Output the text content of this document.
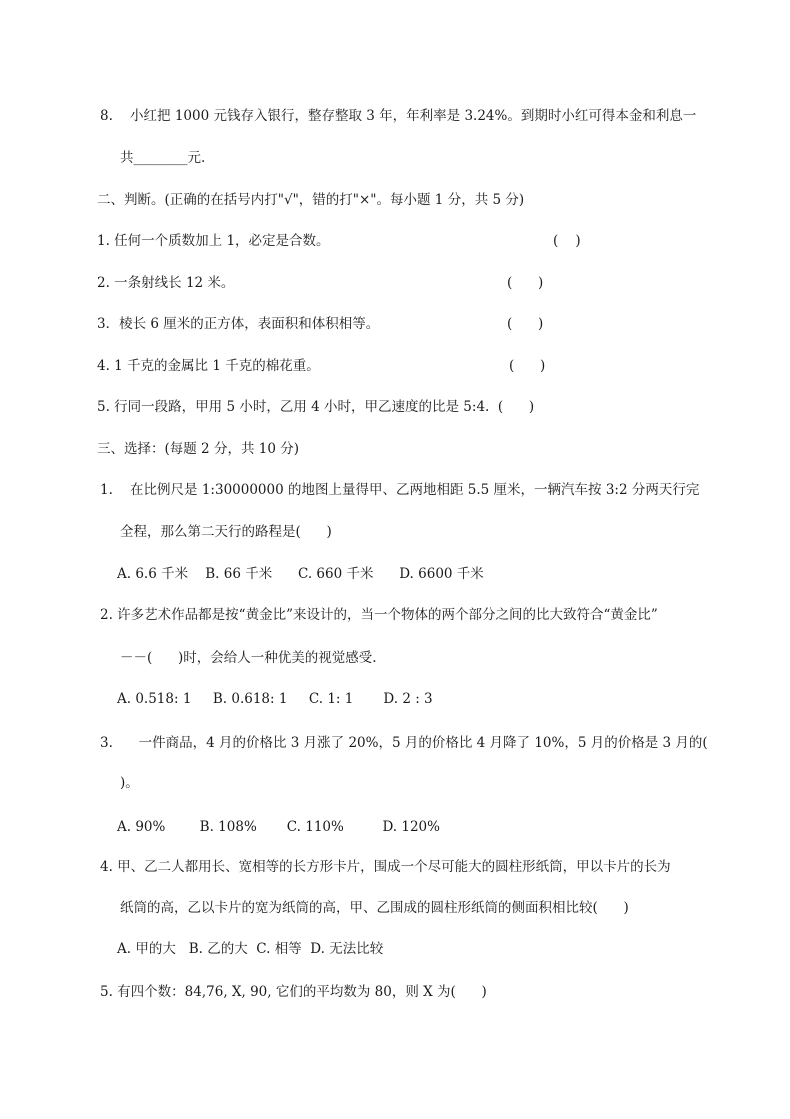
8.    小红把 1000 元钱存入银行，整存整取 3 年，年利率是 3.24%。到期时小红可得本金和利息一
共________元.
二、判断。(正确的在括号内打"√"，错的打"×"。每小题 1 分，共 5 分)
1. 任何一个质数加上 1，必定是合数。	(    )
2. 一条射线长 12 米。	(      )
3．棱长 6 厘米的正方体，表面积和体积相等。	(      )
4. 1 千克的金属比 1 千克的棉花重。	(      )
5. 行同一段路，甲用 5 小时，乙用 4 小时，甲乙速度的比是 5:4.  (      )
三、选择：(每题 2 分，共 10 分)
1.    在比例尺是 1:30000000 的地图上量得甲、乙两地相距 5.5 厘米，一辆汽车按 3:2 分两天行完
全程，那么第二天行的路程是(      )
A. 6.6 千米    B. 66 千米      C. 660 千米      D. 6600 千米
2. 许多艺术作品都是按“黄金比”来设计的，当一个物体的两个部分之间的比大致符合“黄金比”
－－(      )时，会给人一种优美的视觉感受.
A. 0.518: 1     B. 0.618: 1     C. 1: 1       D. 2 : 3
3.      一件商品，4 月的价格比 3 月涨了 20%，5 月的价格比 4 月降了 10%，5 月的价格是 3 月的(
)。
A. 90%        B. 108%       C. 110%         D. 120%
4. 甲、乙二人都用长、宽相等的长方形卡片，围成一个尽可能大的圆柱形纸筒，甲以卡片的长为
纸筒的高，乙以卡片的宽为纸筒的高，甲、乙围成的圆柱形纸筒的侧面积相比较(      )
A. 甲的大   B. 乙的大  C. 相等  D. 无法比较
5. 有四个数：84,76, X, 90, 它们的平均数为 80，则 X 为(      )
